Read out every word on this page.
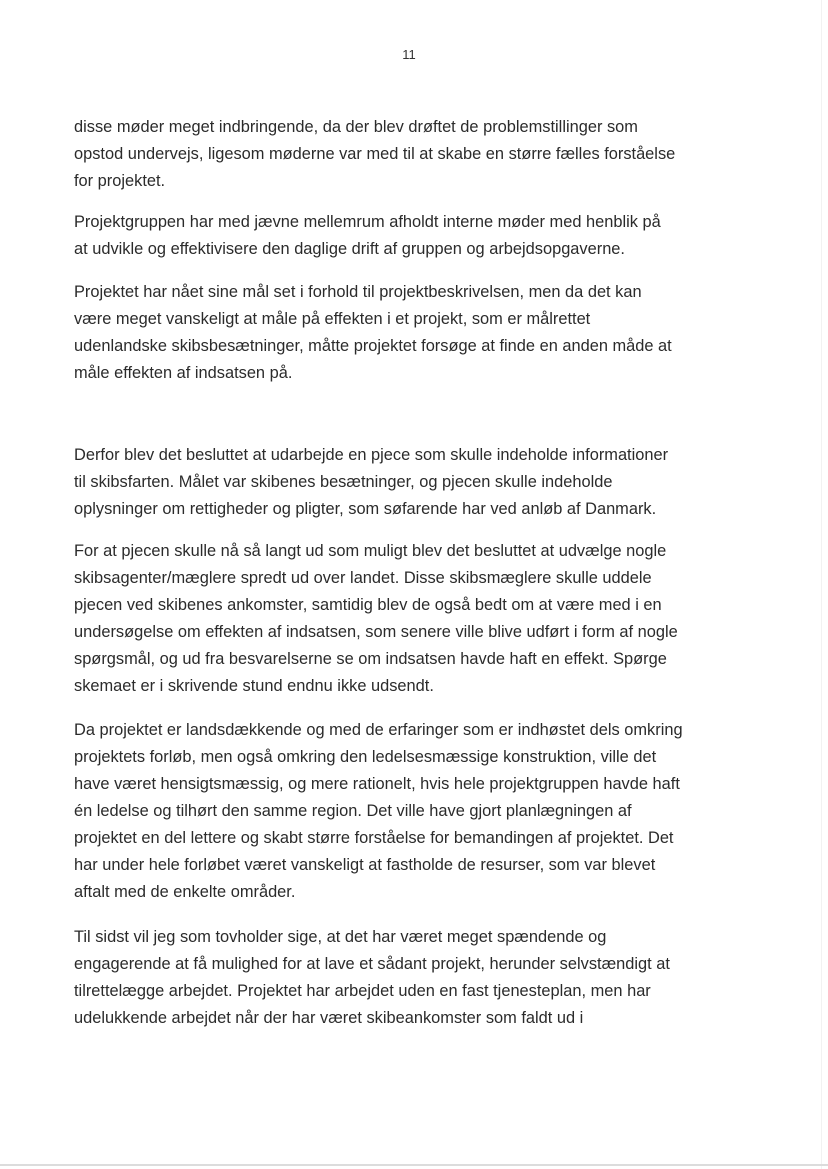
11

disse møder meget indbringende, da der blev drøftet de problemstillinger som
opstod undervejs, ligesom møderne var med til at skabe en større fælles forståelse
for projektet.

Projektgruppen har med jævne mellemrum afholdt interne møder med henblik på
at udvikle og effektivisere den daglige drift af gruppen og arbejdsopgaverne.

Projektet har nået sine mål set i forhold til projektbeskrivelsen, men da det kan
være meget vanskeligt at måle på effekten i et projekt, som er målrettet
udenlandske skibsbesætninger, måtte projektet forsøge at finde en anden måde at
måle effekten af indsatsen på.

Derfor blev det besluttet at udarbejde en pjece som skulle indeholde informationer
til skibsfarten. Målet var skibenes besætninger, og pjecen skulle indeholde
oplysninger om rettigheder og pligter, som søfarende har ved anløb af Danmark.

For at pjecen skulle nå så langt ud som muligt blev det besluttet at udvælge nogle
skibsagenter/mæglere spredt ud over landet. Disse skibsmæglere skulle uddele
pjecen ved skibenes ankomster, samtidig blev de også bedt om at være med i en
undersøgelse om effekten af indsatsen, som senere ville blive udført i form af nogle
spørgsmål, og ud fra besvarelserne se om indsatsen havde haft en effekt. Spørge
skemaet er i skrivende stund endnu ikke udsendt.

Da projektet er landsdækkende og med de erfaringer som er indhøstet dels omkring
projektets forløb, men også omkring den ledelsesmæssige konstruktion, ville det
have været hensigtsmæssig, og mere rationelt, hvis hele projektgruppen havde haft
én ledelse og tilhørt den samme region. Det ville have gjort planlægningen af
projektet en del lettere og skabt større forståelse for bemandingen af projektet. Det
har under hele forløbet været vanskeligt at fastholde de resurser, som var blevet
aftalt med de enkelte områder.

Til sidst vil jeg som tovholder sige, at det har været meget spændende og
engagerende at få mulighed for at lave et sådant projekt, herunder selvstændigt at
tilrettelægge arbejdet. Projektet har arbejdet uden en fast tjenesteplan, men har
udelukkende arbejdet når der har været skibeankomster som faldt ud i
